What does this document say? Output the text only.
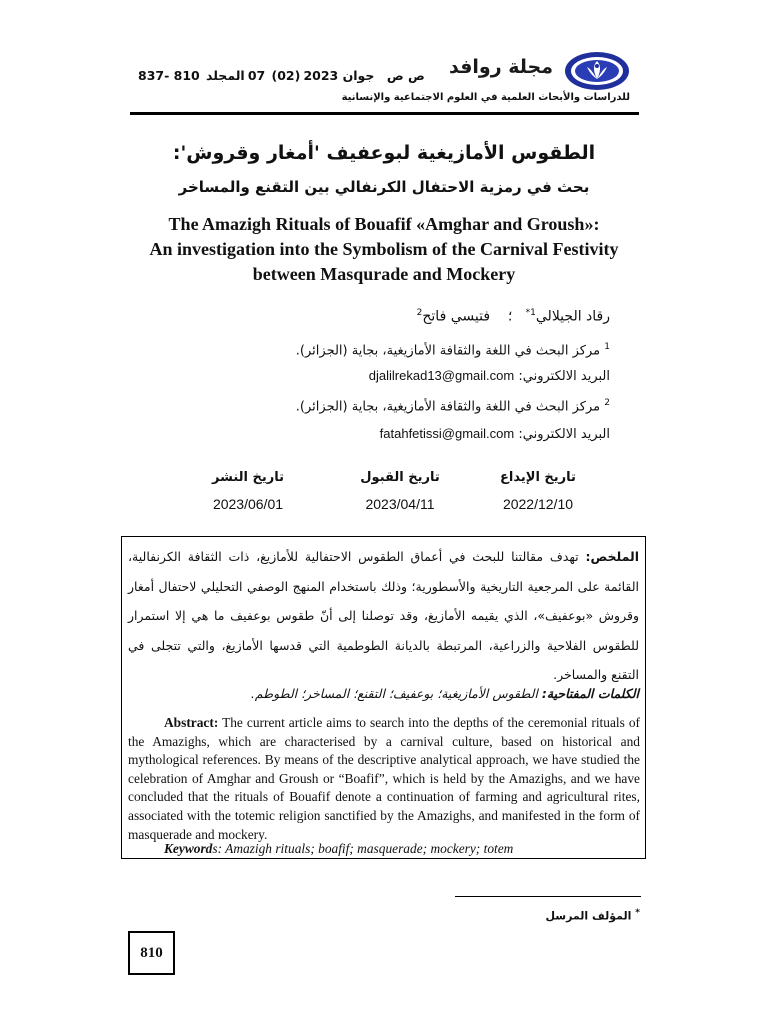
مجلة روافد
للدراسات والأبحاث العلمية في العلوم الاجتماعية والإنسانية
837- 810	ص ص    جوان 2023 (02)  07 المجلد
الطقوس الأمازيغية لبوعفيف 'أمغار وقروش':
بحث في رمزية الاحتفال الكرنفالي بين التقنع والمساخر
The Amazigh Rituals of Bouafif «Amghar and Groush»:
An investigation into the Symbolism of the Carnival Festivity
between Masqurade and Mockery
رقاد الجيلالي$^{1*}$   ؛    فتيسي فاتح$^2$
$^1$ مركز البحث في اللغة والثقافة الأمازيغية، بجاية (الجزائر).
البريد الالكتروني: djalilrekad13@gmail.com
$^2$ مركز البحث في اللغة والثقافة الأمازيغية، بجاية (الجزائر).
البريد الالكتروني: fatahfetissi@gmail.com
تاريخ الإيداع
2022/12/10
تاريخ القبول
2023/04/11
تاريخ النشر
2023/06/01
الملخص: تهدف مقالتنا للبحث في أعماق الطقوس الاحتفالية للأمازيغ، ذات الثقافة الكرنفالية، القائمة على المرجعية التاريخية والأسطورية؛ وذلك باستخدام المنهج الوصفي التحليلي لاحتفال أمغار وقروش «بوعفيف»، الذي يقيمه الأمازيغ، وقد توصلنا إلى أنّ طقوس بوعفيف ما هي إلا استمرار للطقوس الفلاحية والزراعية، المرتبطة بالديانة الطوطمية التي قدسها الأمازيغ، والتي تتجلى في التقنع والمساخر.
الكلمات المفتاحية: الطقوس الأمازيغية؛ بوعفيف؛ التقنع؛ المساخر؛ الطوطم.
Abstract: The current article aims to search into the depths of the ceremonial rituals of the Amazighs, which are characterised by a carnival culture, based on historical and mythological references. By means of the descriptive analytical approach, we have studied the celebration of Amghar and Groush or “Boafif”, which is held by the Amazighs, and we have concluded that the rituals of Bouafif denote a continuation of farming and agricultural rites, associated with the totemic religion sanctified by the Amazighs, and manifested in the form of masquerade and mockery.
Keywords: Amazigh rituals; boafif; masquerade; mockery; totem
* المؤلف المرسل
810
